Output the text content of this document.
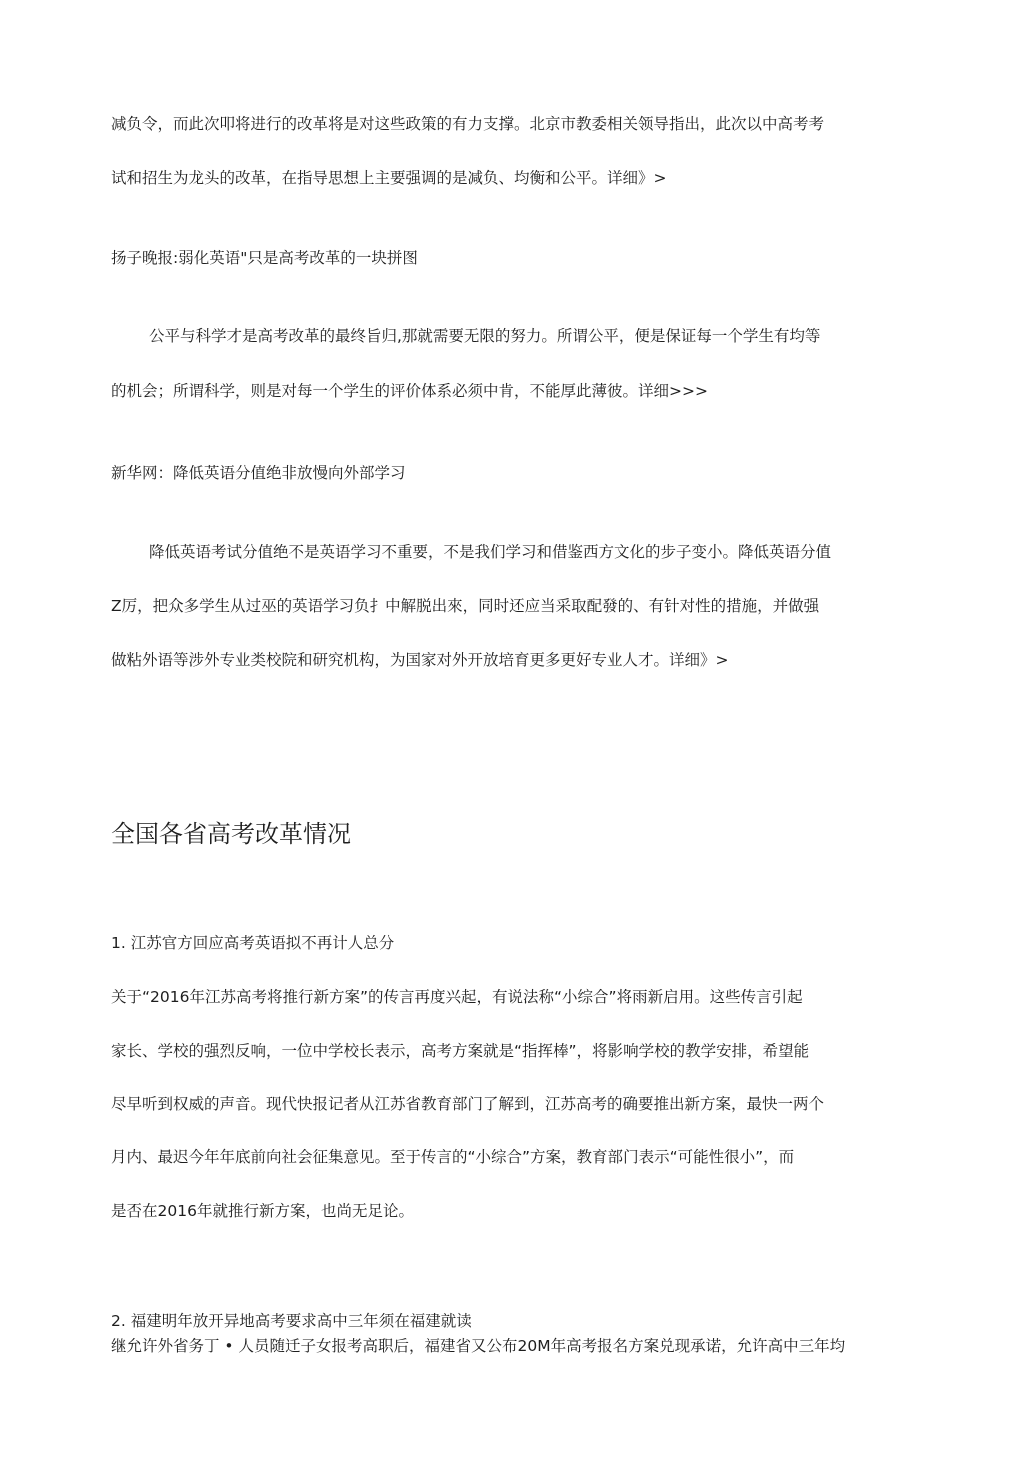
减负令，而此次叩将进行的改革将是对这些政策的有力支撑。北京市教委相关领导指出，此次以中高考考
试和招生为龙头的改革，在指导思想上主要强调的是减负、均衡和公平。详细》>
扬子晚报:弱化英语"只是高考改革的一块拼图
公平与科学才是高考改革的最终旨归,那就需要无限的努力。所谓公平，便是保证每一个学生有均等
的机会；所谓科学，则是对每一个学生的评价体系必须中肯，不能厚此薄彼。详细>>>
新华网：降低英语分值绝非放慢向外部学习
降低英语考试分值绝不是英语学习不重要，不是我们学习和借鉴西方文化的步子变小。降低英语分值
Z厉，把众多学生从过巫的英语学习负扌中解脱出來，同时还应当采取配發的、有针对性的措施，并做强
做粘外语等涉外专业类校院和研究机构，为国家对外开放培育更多更好专业人才。详细》>
全国各省高考改革情况
1. 江苏官方回应高考英语拟不再计人总分
关于“2016年江苏高考将推行新方案”的传言再度兴起，有说法称“小综合”将雨新启用。这些传言引起
家长、学校的强烈反响，一位中学校长表示，高考方案就是“指挥棒”，将影响学校的教学安排，希望能
尽早听到权威的声音。现代快报记者从江苏省教育部门了解到，江苏高考的确要推出新方案，最快一两个
月内、最迟今年年底前向社会征集意见。至于传言的“小综合”方案，教育部门表示“可能性很小”，而
是否在2016年就推行新方案，也尚无足论。
2. 福建明年放开异地高考要求高中三年须在福建就读
继允许外省务丁 • 人员随迁子女报考高职后，福建省又公布20M年高考报名方案兑现承诺，允许高中三年均
